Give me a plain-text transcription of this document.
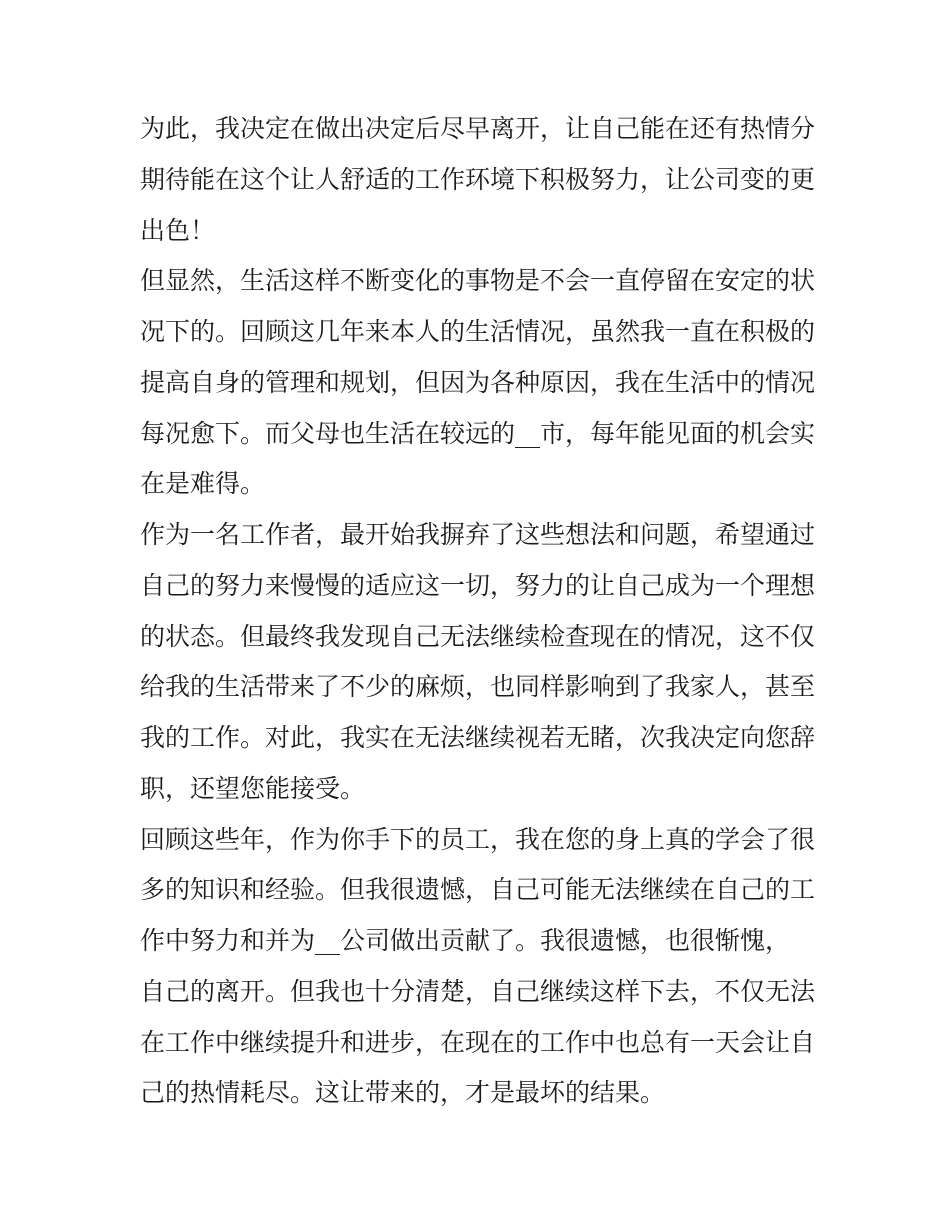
为此，我决定在做出决定后尽早离开，让自己能在还有热情分
期待能在这个让人舒适的工作环境下积极努力，让公司变的更
出色！
但显然，生活这样不断变化的事物是不会一直停留在安定的状
况下的。回顾这几年来本人的生活情况，虽然我一直在积极的
提高自身的管理和规划，但因为各种原因，我在生活中的情况
每况愈下。而父母也生活在较远的__市，每年能见面的机会实
在是难得。
作为一名工作者，最开始我摒弃了这些想法和问题，希望通过
自己的努力来慢慢的适应这一切，努力的让自己成为一个理想
的状态。但最终我发现自己无法继续检查现在的情况，这不仅
给我的生活带来了不少的麻烦，也同样影响到了我家人，甚至
我的工作。对此，我实在无法继续视若无睹，次我决定向您辞
职，还望您能接受。
回顾这些年，作为你手下的员工，我在您的身上真的学会了很
多的知识和经验。但我很遗憾，自己可能无法继续在自己的工
作中努力和并为__公司做出贡献了。我很遗憾，也很惭愧，
自己的离开。但我也十分清楚，自己继续这样下去，不仅无法
在工作中继续提升和进步，在现在的工作中也总有一天会让自
己的热情耗尽。这让带来的，才是最坏的结果。
